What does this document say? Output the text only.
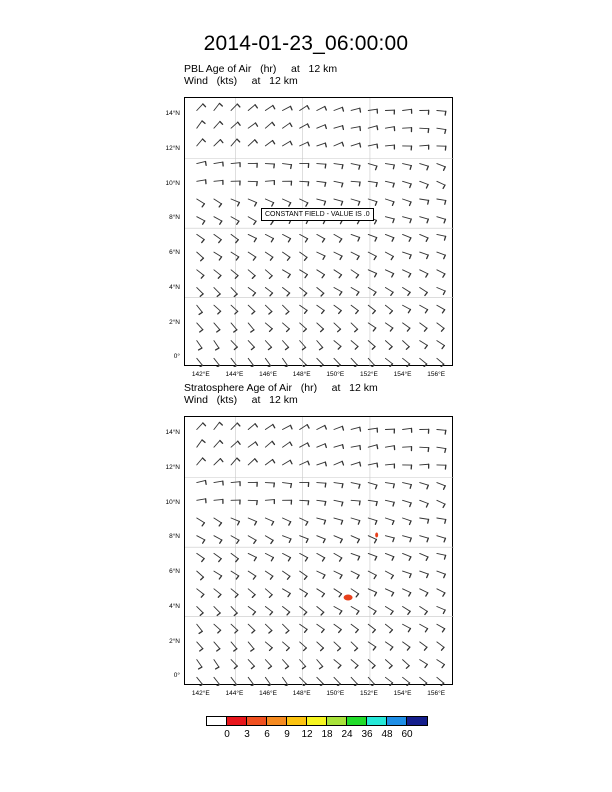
2014-01-23_06:00:00
PBL Age of Air   (hr)     at   12 km
Wind   (kts)     at   12 km
CONSTANT FIELD - VALUE IS .0
Stratosphere Age of Air   (hr)     at   12 km
Wind   (kts)     at   12 km
0°
2°N
4°N
6°N
8°N
10°N
12°N
14°N
142°E	144°E	146°E	148°E	150°E	152°E	154°E	156°E
0°
2°N
4°N
6°N
8°N
10°N
12°N
14°N
142°E	144°E	146°E	148°E	150°E	152°E	154°E	156°E
0	3	6	9	12 18 24 36 48 60
